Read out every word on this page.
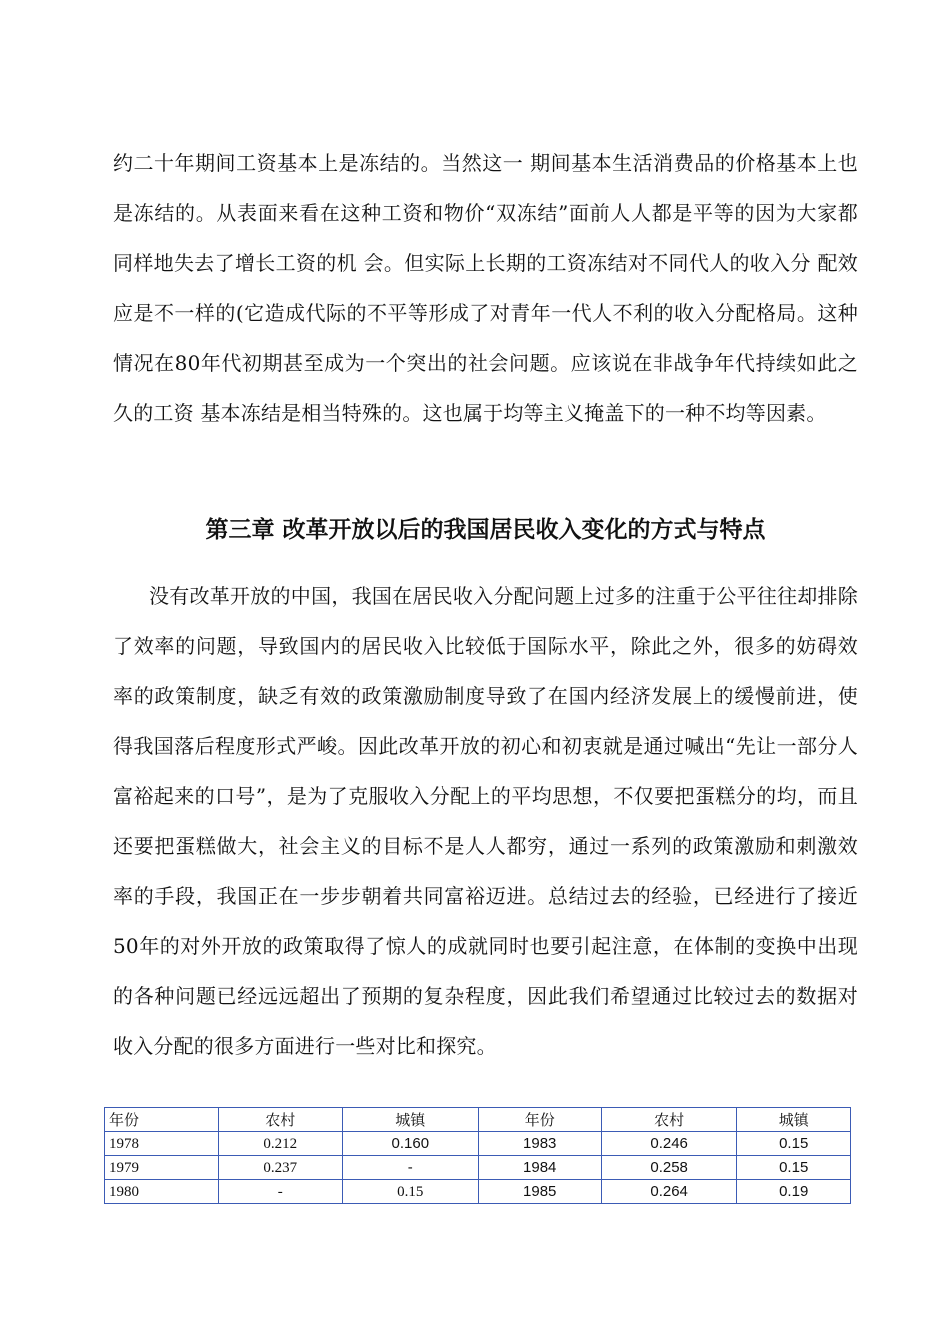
约二十年期间工资基本上是冻结的。当然这一 期间基本生活消费品的价格基本上也是冻结的。从表面来看在这种工资和物价“双冻结”面前人人都是平等的因为大家都同样地失去了增长工资的机 会。但实际上长期的工资冻结对不同代人的收入分 配效应是不一样的(它造成代际的不平等形成了对青年一代人不利的收入分配格局。这种情况在80年代初期甚至成为一个突出的社会问题。应该说在非战争年代持续如此之久的工资 基本冻结是相当特殊的。这也属于均等主义掩盖下的一种不均等因素。

第三章 改革开放以后的我国居民收入变化的方式与特点

没有改革开放的中国，我国在居民收入分配问题上过多的注重于公平往往却排除了效率的问题，导致国内的居民收入比较低于国际水平，除此之外，很多的妨碍效率的政策制度，缺乏有效的政策激励制度导致了在国内经济发展上的缓慢前进，使得我国落后程度形式严峻。因此改革开放的初心和初衷就是通过喊出“先让一部分人富裕起来的口号”，是为了克服收入分配上的平均思想，不仅要把蛋糕分的均，而且还要把蛋糕做大，社会主义的目标不是人人都穷，通过一系列的政策激励和刺激效率的手段，我国正在一步步朝着共同富裕迈进。总结过去的经验，已经进行了接近50年的对外开放的政策取得了惊人的成就同时也要引起注意，在体制的变换中出现的各种问题已经远远超出了预期的复杂程度，因此我们希望通过比较过去的数据对收入分配的很多方面进行一些对比和探究。

年份	农村	城镇	年份	农村	城镇
1978	0.212	0.160	1983	0.246	0.15
1979	0.237	-	1984	0.258	0.15
1980	-	0.15	1985	0.264	0.19
